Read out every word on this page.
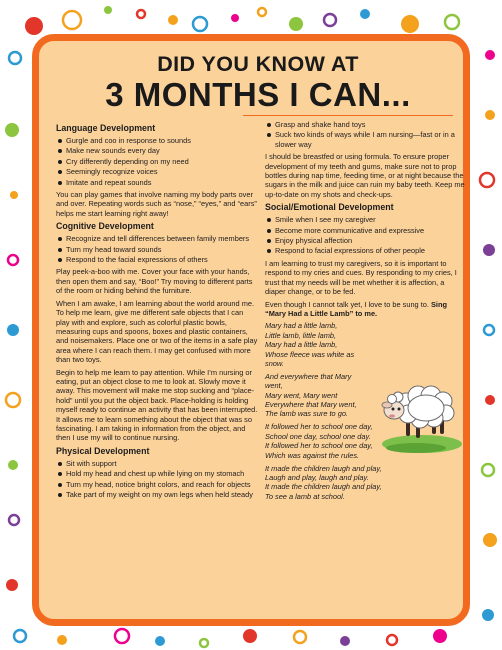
DID YOU KNOW AT
3 MONTHS I CAN...
Language Development
Gurgle and coo in response to sounds
Make new sounds every day
Cry differently depending on my need
Seemingly recognize voices
Imitate and repeat sounds
You can play games that involve naming my body parts over and over. Repeating words such as “nose,” “eyes,” and “ears” helps me start learning right away!
Cognitive Development
Recognize and tell differences between family members
Turn my head toward sounds
Respond to the facial expressions of others
Play peek-a-boo with me. Cover your face with your hands, then open them and say, “Boo!” Try moving to different parts of the room or hiding behind the furniture.
When I am awake, I am learning about the world around me. To help me learn, give me different safe objects that I can play with and explore, such as colorful plastic bowls, measuring cups and spoons, boxes and plastic containers, and noisemakers. Place one or two of the items in a safe play area where I can reach them. I may get confused with more than two toys.
Begin to help me learn to pay attention. While I’m nursing or eating, put an object close to me to look at. Slowly move it away. This movement will make me stop sucking and “place-hold” until you put the object back. Place-holding is holding myself ready to continue an activity that has been interrupted. It allows me to learn something about the object that was so fascinating. I am taking in information from the object, and then I use my will to continue nursing.
Physical Development
Sit with support
Hold my head and chest up while lying on my stomach
Turn my head, notice bright colors, and reach for objects
Take part of my weight on my own legs when held steady
Grasp and shake hand toys
Suck two kinds of ways while I am nursing—fast or in a slower way
I should be breastfed or using formula. To ensure proper development of my teeth and gums, make sure not to prop bottles during nap time, feeding time, or at night because the sugars in the milk and juice can ruin my baby teeth. Keep me up-to-date on my shots and check-ups.
Social/Emotional Development
Smile when I see my caregiver
Become more communicative and expressive
Enjoy physical affection
Respond to facial expressions of other people
I am learning to trust my caregivers, so it is important to respond to my cries and cues. By responding to my cries, I trust that my needs will be met whether it is affection, a diaper change, or to be fed.
Even though I cannot talk yet, I love to be sung to. Sing “Mary Had a Little Lamb” to me.

Mary had a little lamb,

Little lamb, little lamb,

Mary had a little lamb,

Whose fleece was white as

snow.

And everywhere that Mary

went,

Mary went, Mary went

Everywhere that Mary went,

The lamb was sure to go.

It followed her to school one day,

School one day, school one day.

It followed her to school one day,

Which was against the rules.

It made the children laugh and play,

Laugh and play, laugh and play.

It made the children laugh and play,

To see a lamb at school.
